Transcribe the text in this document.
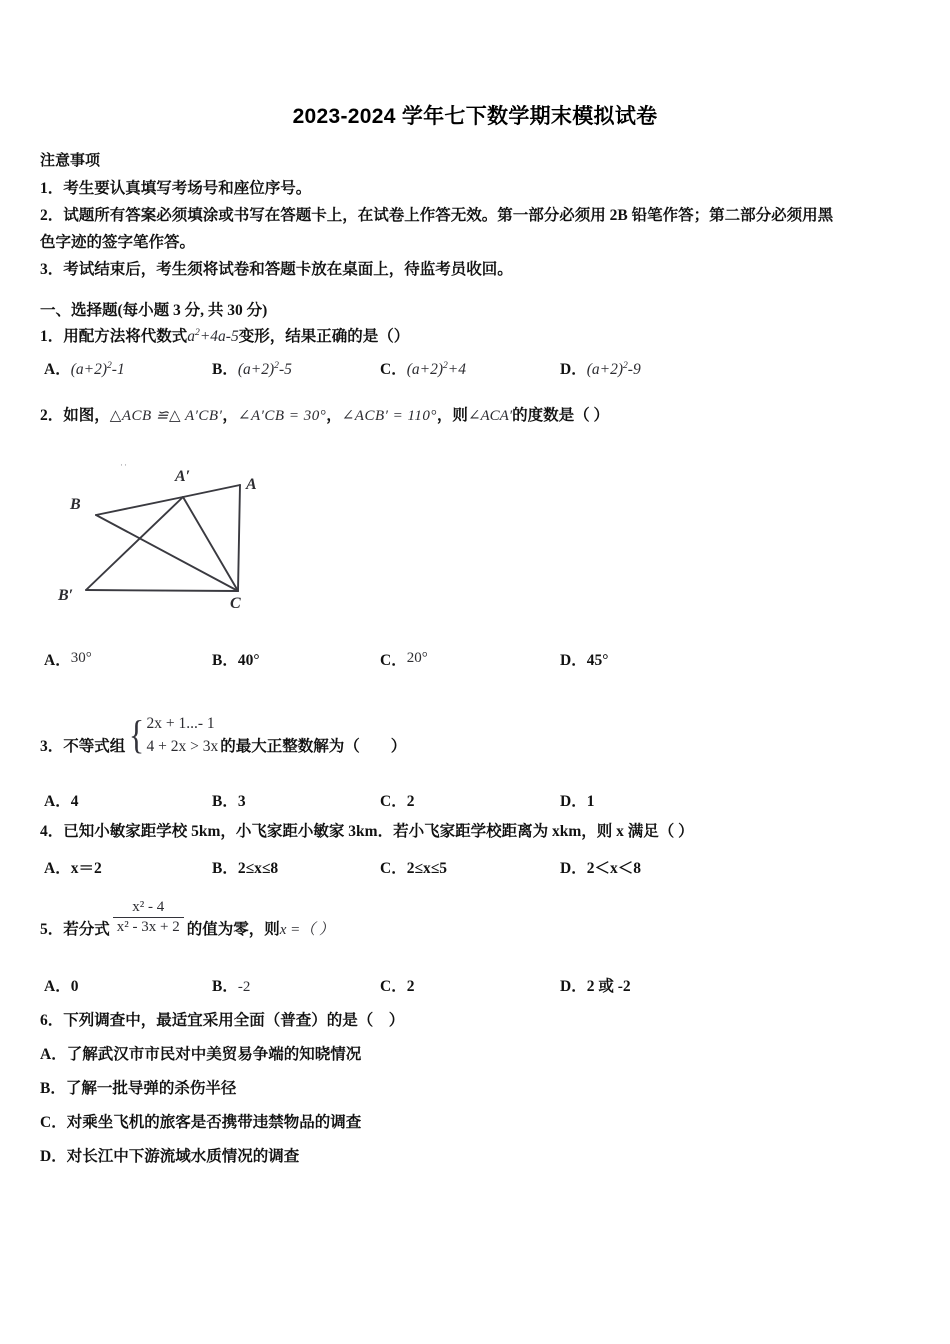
2023-2024 学年七下数学期末模拟试卷
注意事项
1．考生要认真填写考场号和座位序号。
2．试题所有答案必须填涂或书写在答题卡上，在试卷上作答无效。第一部分必须用 2B 铅笔作答；第二部分必须用黑
色字迹的签字笔作答。
3．考试结束后，考生须将试卷和答题卡放在桌面上，待监考员收回。
一、选择题(每小题 3 分, 共 30 分)
1．用配方法将代数式$a^2+4a-5$变形，结果正确的是（）
A．$(a+2)^2-1$	B．$(a+2)^2-5$	C．$(a+2)^2+4$	D．$(a+2)^2-9$
2．如图，△ACB ≌△ A′CB′，∠A′CB = 30°，∠ACB′ = 110°，则∠ACA′的度数是（ ）
··
A′	A
B
B′	C
A．30°	B．40°	C．20°	D．45°
3．不等式组{ 2x + 1...- 1
4 + 2x > 3x 的最大正整数解为（　　）
A．4	B．3	C．2	D．1
4．已知小敏家距学校 5km，小飞家距小敏家 3km．若小飞家距学校距离为 xkm，则 x 满足（ ）
A．x＝2	B．2≤x≤8	C．2≤x≤5	D．2＜x＜8
5．若分式 $\frac{\text{x² - 4}}{\text{x² - 3x + 2}}$ 的值为零，则x =（ ）
A．0	B．-2	C．2	D．2 或 -2
6．下列调查中，最适宜采用全面（普查）的是（　）
A．了解武汉市市民对中美贸易争端的知晓情况
B．了解一批导弹的杀伤半径
C．对乘坐飞机的旅客是否携带违禁物品的调查
D．对长江中下游流域水质情况的调查
